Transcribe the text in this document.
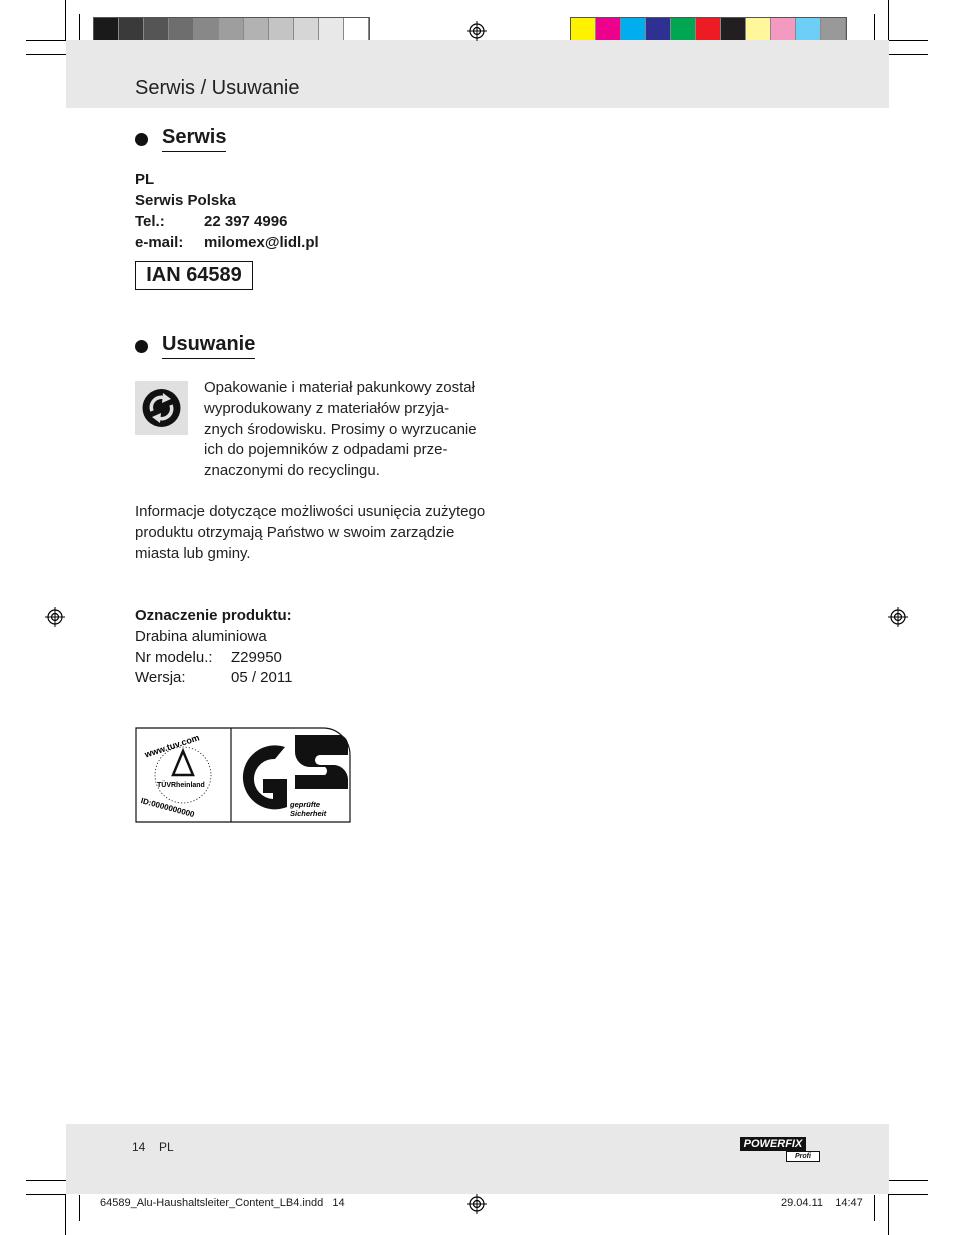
Serwis / Usuwanie
Serwis
PL
Serwis Polska
Tel.:	22 397 4996
e-mail: milomex@lidl.pl
IAN 64589
Usuwanie
Opakowanie i materiał pakunkowy został
wyprodukowany z materiałów przyja-
znych środowisku. Prosimy o wyrzucanie
ich do pojemników z odpadami prze-
znaczonymi do recyclingu.
Informacje dotyczące możliwości usunięcia zużytego
produktu otrzymają Państwo w swoim zarządzie
miasta lub gminy.
Oznaczenie produktu:
Drabina aluminiowa
Nr modelu.: Z29950
Wersja:	05 / 2011
www.tuv.com
TÜVRheinland
ID:0000000000	geprüfte
Sicherheit
14 PL	POWERFIX
Profi
64589_Alu-Haushaltsleiter_Content_LB4.indd   14	29.04.11    14:47
